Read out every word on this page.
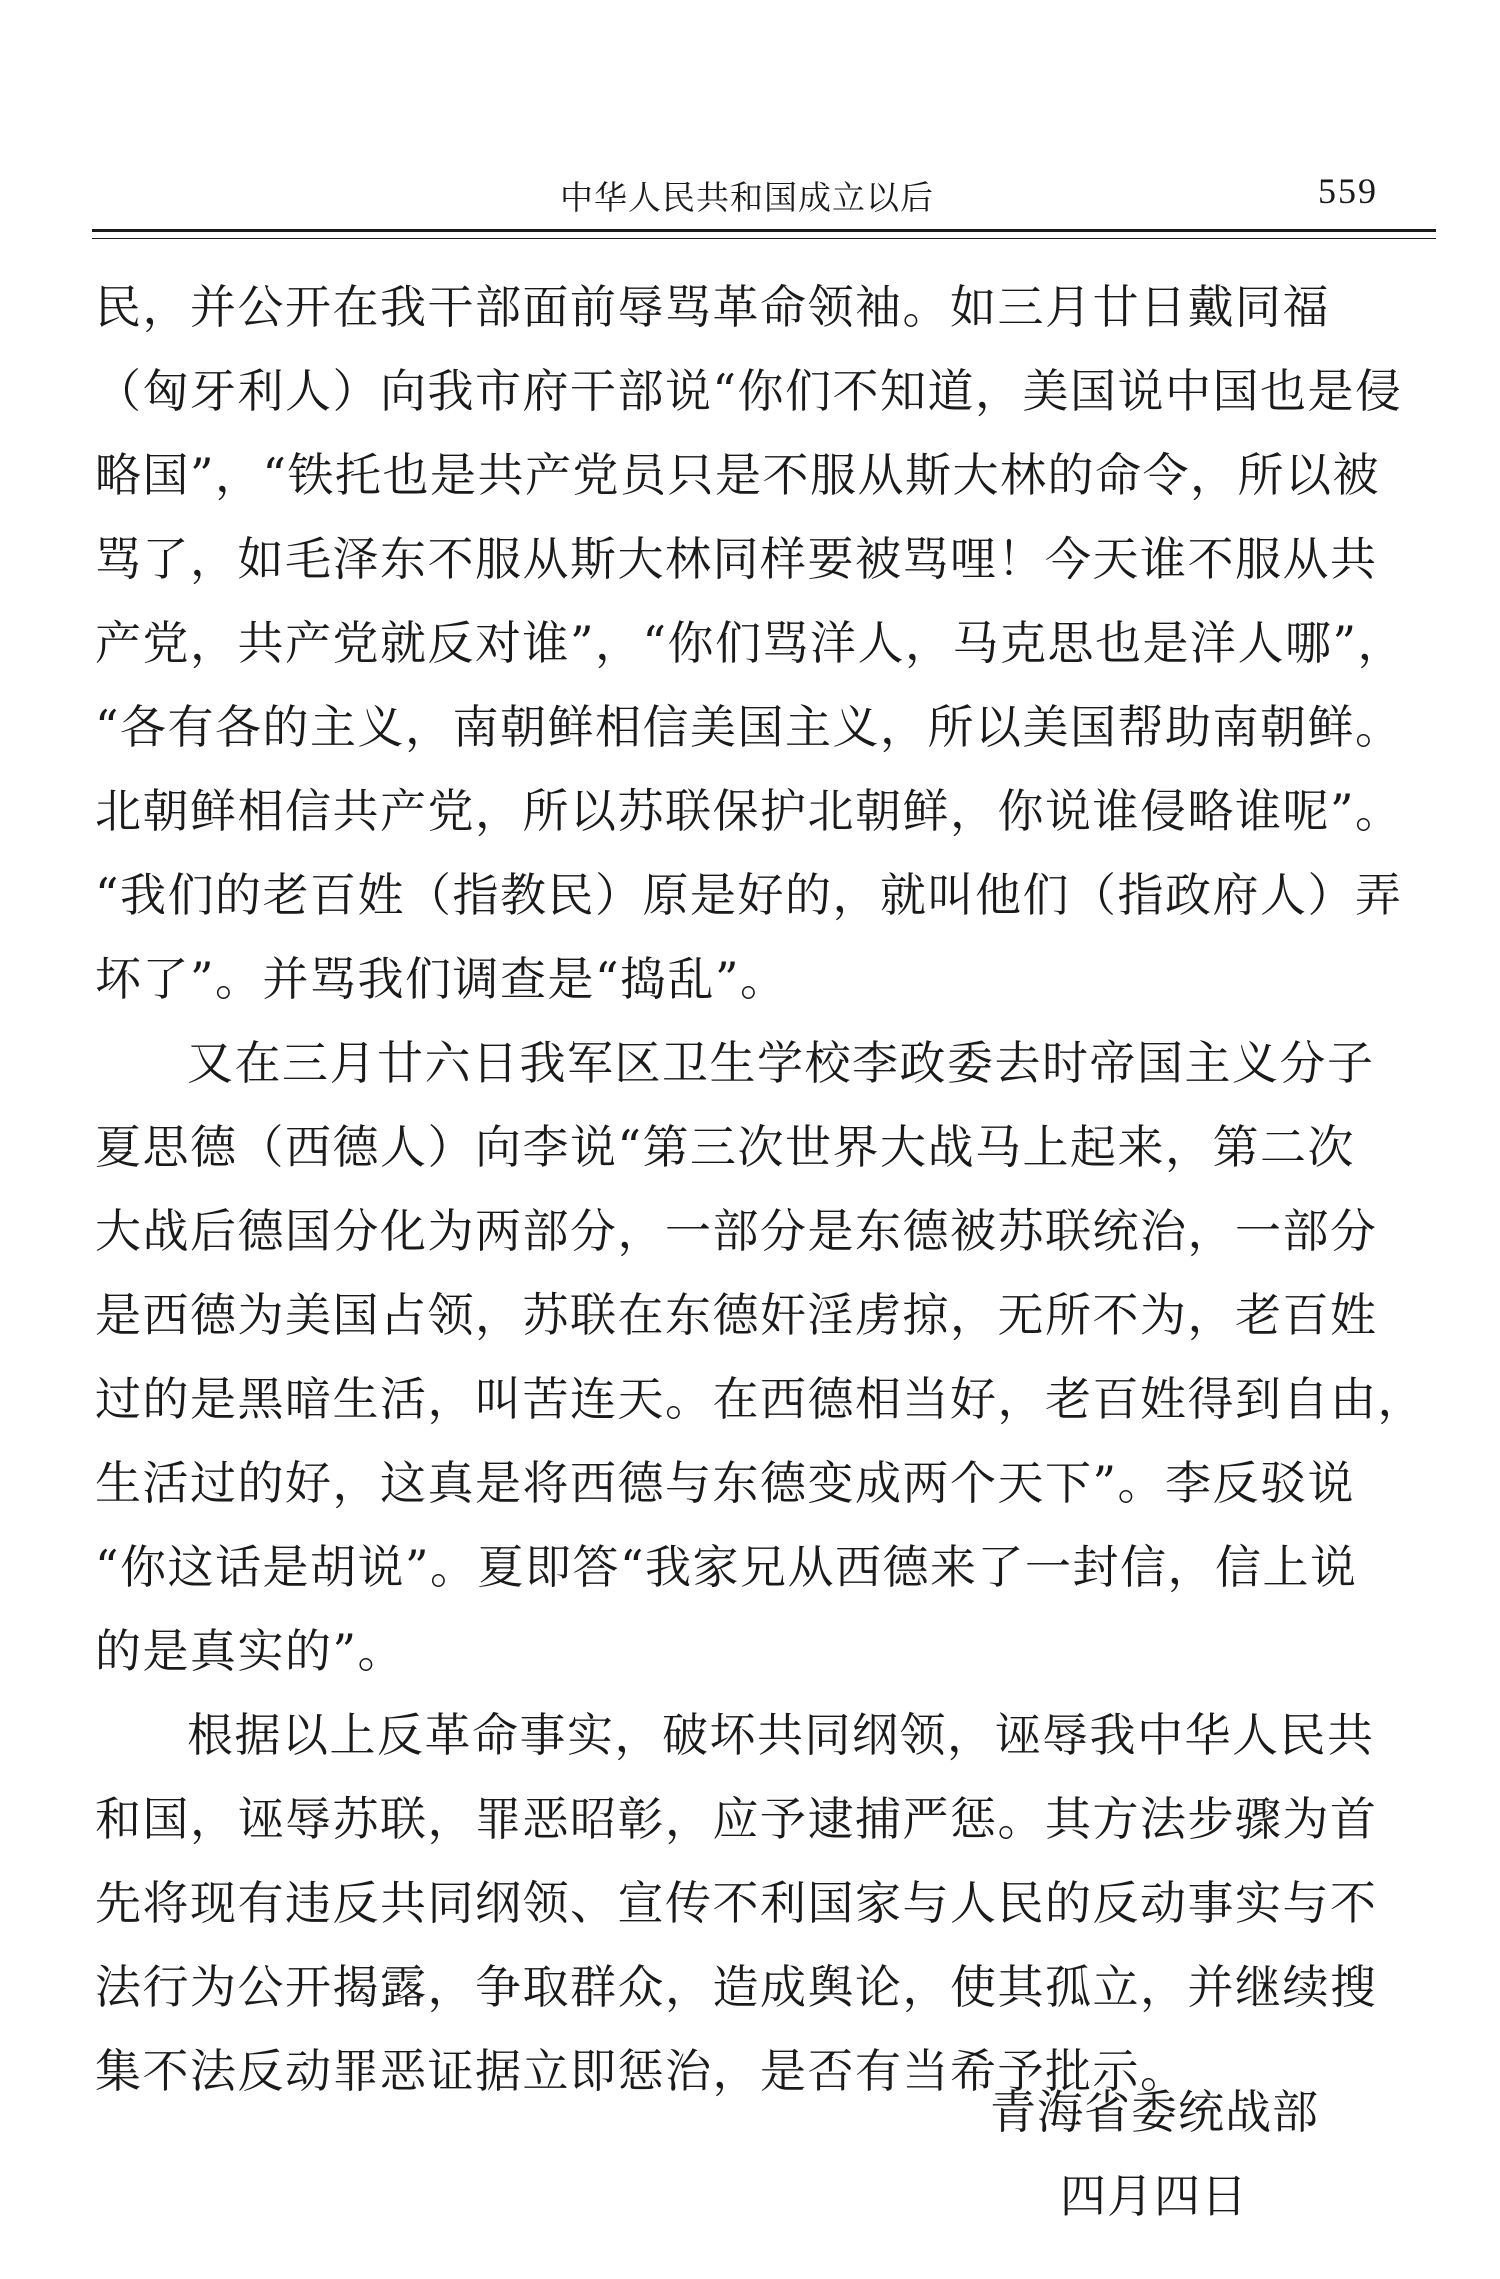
中华人民共和国成立以后	559
民，并公开在我干部面前辱骂革命领袖。如三月廿日戴同福
（匈牙利人）向我市府干部说“你们不知道，美国说中国也是侵
略国”，“铁托也是共产党员只是不服从斯大林的命令，所以被
骂了，如毛泽东不服从斯大林同样要被骂哩！今天谁不服从共
产党，共产党就反对谁”，“你们骂洋人，马克思也是洋人哪”，
“各有各的主义，南朝鲜相信美国主义，所以美国帮助南朝鲜。
北朝鲜相信共产党，所以苏联保护北朝鲜，你说谁侵略谁呢”。
“我们的老百姓（指教民）原是好的，就叫他们（指政府人）弄
坏了”。并骂我们调查是“捣乱”。
又在三月廿六日我军区卫生学校李政委去时帝国主义分子
夏思德（西德人）向李说“第三次世界大战马上起来，第二次
大战后德国分化为两部分，一部分是东德被苏联统治，一部分
是西德为美国占领，苏联在东德奸淫虏掠，无所不为，老百姓
过的是黑暗生活，叫苦连天。在西德相当好，老百姓得到自由，
生活过的好，这真是将西德与东德变成两个天下”。李反驳说
“你这话是胡说”。夏即答“我家兄从西德来了一封信，信上说
的是真实的”。
根据以上反革命事实，破坏共同纲领，诬辱我中华人民共
和国，诬辱苏联，罪恶昭彰，应予逮捕严惩。其方法步骤为首
先将现有违反共同纲领、宣传不利国家与人民的反动事实与不
法行为公开揭露，争取群众，造成舆论，使其孤立，并继续搜
集不法反动罪恶证据立即惩治，是否有当希予批示。
青海省委统战部
四月四日
